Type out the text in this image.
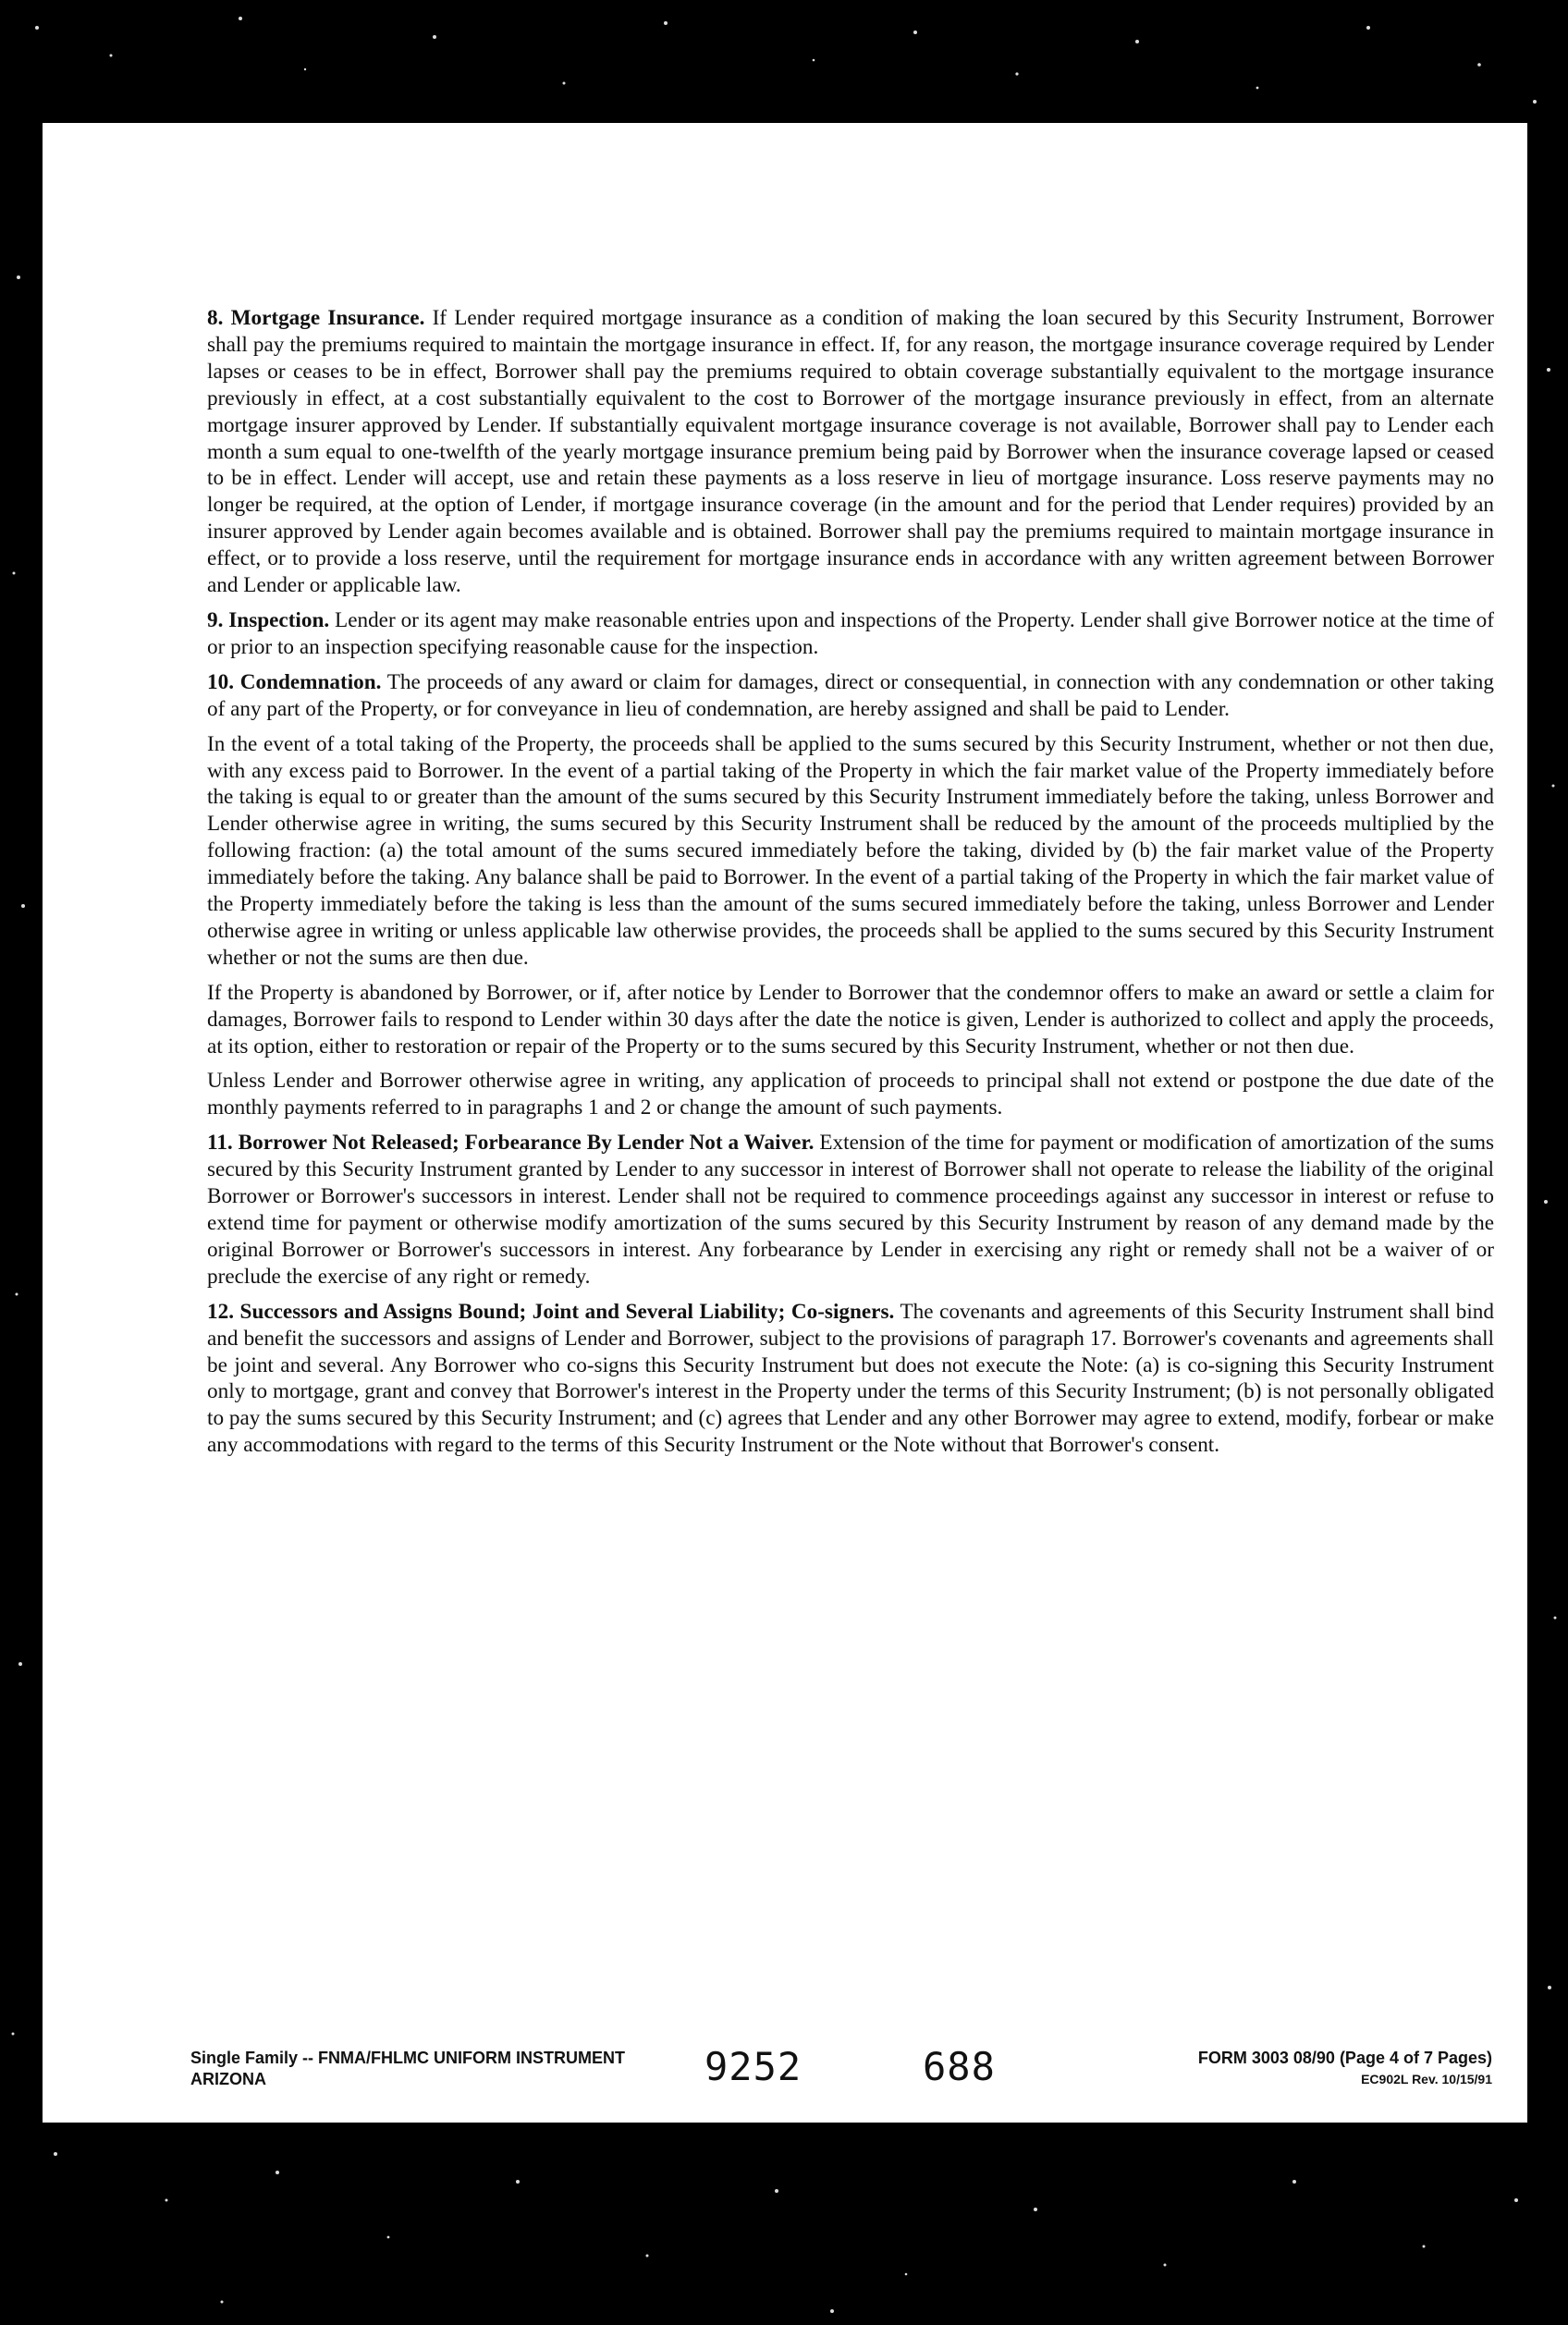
8. Mortgage Insurance. If Lender required mortgage insurance as a condition of making the loan secured by this Security Instrument, Borrower shall pay the premiums required to maintain the mortgage insurance in effect. If, for any reason, the mortgage insurance coverage required by Lender lapses or ceases to be in effect, Borrower shall pay the premiums required to obtain coverage substantially equivalent to the mortgage insurance previously in effect, at a cost substantially equivalent to the cost to Borrower of the mortgage insurance previously in effect, from an alternate mortgage insurer approved by Lender. If substantially equivalent mortgage insurance coverage is not available, Borrower shall pay to Lender each month a sum equal to one-twelfth of the yearly mortgage insurance premium being paid by Borrower when the insurance coverage lapsed or ceased to be in effect. Lender will accept, use and retain these payments as a loss reserve in lieu of mortgage insurance. Loss reserve payments may no longer be required, at the option of Lender, if mortgage insurance coverage (in the amount and for the period that Lender requires) provided by an insurer approved by Lender again becomes available and is obtained. Borrower shall pay the premiums required to maintain mortgage insurance in effect, or to provide a loss reserve, until the requirement for mortgage insurance ends in accordance with any written agreement between Borrower and Lender or applicable law.

9. Inspection. Lender or its agent may make reasonable entries upon and inspections of the Property. Lender shall give Borrower notice at the time of or prior to an inspection specifying reasonable cause for the inspection.

10. Condemnation. The proceeds of any award or claim for damages, direct or consequential, in connection with any condemnation or other taking of any part of the Property, or for conveyance in lieu of condemnation, are hereby assigned and shall be paid to Lender.

In the event of a total taking of the Property, the proceeds shall be applied to the sums secured by this Security Instrument, whether or not then due, with any excess paid to Borrower. In the event of a partial taking of the Property in which the fair market value of the Property immediately before the taking is equal to or greater than the amount of the sums secured by this Security Instrument immediately before the taking, unless Borrower and Lender otherwise agree in writing, the sums secured by this Security Instrument shall be reduced by the amount of the proceeds multiplied by the following fraction: (a) the total amount of the sums secured immediately before the taking, divided by (b) the fair market value of the Property immediately before the taking. Any balance shall be paid to Borrower. In the event of a partial taking of the Property in which the fair market value of the Property immediately before the taking is less than the amount of the sums secured immediately before the taking, unless Borrower and Lender otherwise agree in writing or unless applicable law otherwise provides, the proceeds shall be applied to the sums secured by this Security Instrument whether or not the sums are then due.

If the Property is abandoned by Borrower, or if, after notice by Lender to Borrower that the condemnor offers to make an award or settle a claim for damages, Borrower fails to respond to Lender within 30 days after the date the notice is given, Lender is authorized to collect and apply the proceeds, at its option, either to restoration or repair of the Property or to the sums secured by this Security Instrument, whether or not then due.

Unless Lender and Borrower otherwise agree in writing, any application of proceeds to principal shall not extend or postpone the due date of the monthly payments referred to in paragraphs 1 and 2 or change the amount of such payments.

11. Borrower Not Released; Forbearance By Lender Not a Waiver. Extension of the time for payment or modification of amortization of the sums secured by this Security Instrument granted by Lender to any successor in interest of Borrower shall not operate to release the liability of the original Borrower or Borrower's successors in interest. Lender shall not be required to commence proceedings against any successor in interest or refuse to extend time for payment or otherwise modify amortization of the sums secured by this Security Instrument by reason of any demand made by the original Borrower or Borrower's successors in interest. Any forbearance by Lender in exercising any right or remedy shall not be a waiver of or preclude the exercise of any right or remedy.

12. Successors and Assigns Bound; Joint and Several Liability; Co-signers. The covenants and agreements of this Security Instrument shall bind and benefit the successors and assigns of Lender and Borrower, subject to the provisions of paragraph 17. Borrower's covenants and agreements shall be joint and several. Any Borrower who co-signs this Security Instrument but does not execute the Note: (a) is co-signing this Security Instrument only to mortgage, grant and convey that Borrower's interest in the Property under the terms of this Security Instrument; (b) is not personally obligated to pay the sums secured by this Security Instrument; and (c) agrees that Lender and any other Borrower may agree to extend, modify, forbear or make any accommodations with regard to the terms of this Security Instrument or the Note without that Borrower's consent.

Single Family -- FNMA/FHLMC UNIFORM INSTRUMENT
ARIZONA	9252	688	FORM 3003 08/90 (Page 4 of 7 Pages)
EC902L Rev. 10/15/91
